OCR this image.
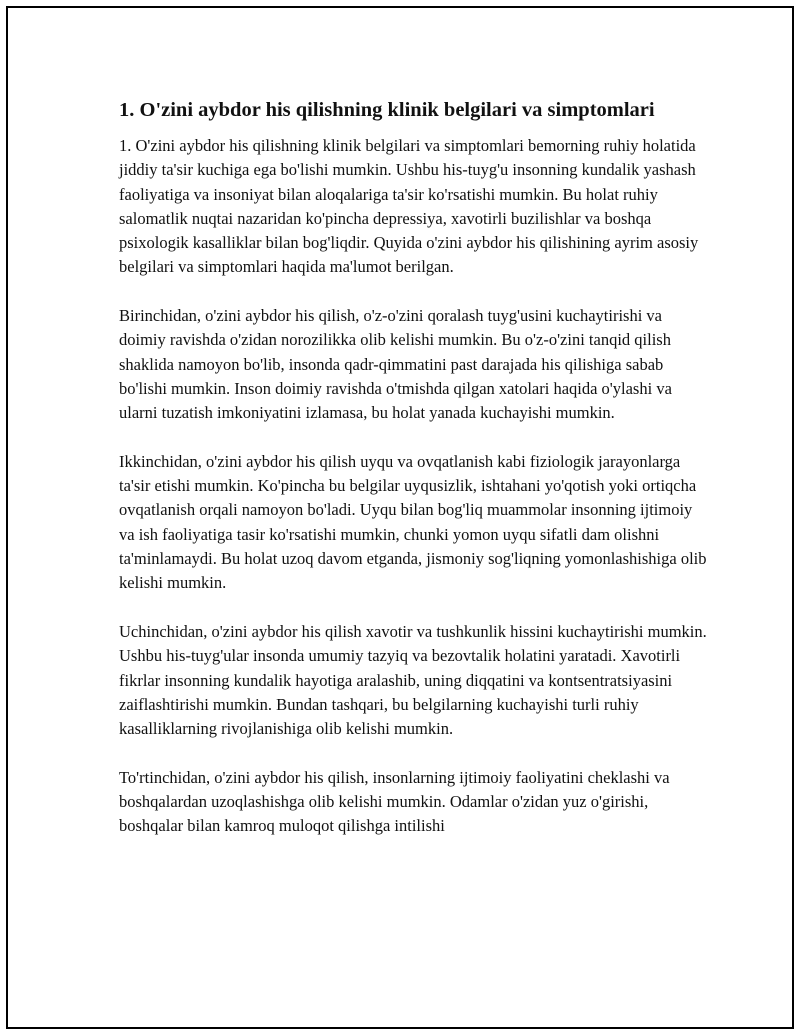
1. O'zini aybdor his qilishning klinik belgilari va simptomlari

1. O'zini aybdor his qilishning klinik belgilari va simptomlari bemorning ruhiy holatida jiddiy ta'sir kuchiga ega bo'lishi mumkin. Ushbu his-tuyg'u insonning kundalik yashash faoliyatiga va insoniyat bilan aloqalariga ta'sir ko'rsatishi mumkin. Bu holat ruhiy salomatlik nuqtai nazaridan ko'pincha depressiya, xavotirli buzilishlar va boshqa psixologik kasalliklar bilan bog'liqdir. Quyida o'zini aybdor his qilishining ayrim asosiy belgilari va simptomlari haqida ma'lumot berilgan.

Birinchidan, o'zini aybdor his qilish, o'z-o'zini qoralash tuyg'usini kuchaytirishi va doimiy ravishda o'zidan norozilikka olib kelishi mumkin. Bu o'z-o'zini tanqid qilish shaklida namoyon bo'lib, insonda qadr-qimmatini past darajada his qilishiga sabab bo'lishi mumkin. Inson doimiy ravishda o'tmishda qilgan xatolari haqida o'ylashi va ularni tuzatish imkoniyatini izlamasa, bu holat yanada kuchayishi mumkin.

Ikkinchidan, o'zini aybdor his qilish uyqu va ovqatlanish kabi fiziologik jarayonlarga ta'sir etishi mumkin. Ko'pincha bu belgilar uyqusizlik, ishtahani yo'qotish yoki ortiqcha ovqatlanish orqali namoyon bo'ladi. Uyqu bilan bog'liq muammolar insonning ijtimoiy va ish faoliyatiga tasir ko'rsatishi mumkin, chunki yomon uyqu sifatli dam olishni ta'minlamaydi. Bu holat uzoq davom etganda, jismoniy sog'liqning yomonlashishiga olib kelishi mumkin.

Uchinchidan, o'zini aybdor his qilish xavotir va tushkunlik hissini kuchaytirishi mumkin. Ushbu his-tuyg'ular insonda umumiy tazyiq va bezovtalik holatini yaratadi. Xavotirli fikrlar insonning kundalik hayotiga aralashib, uning diqqatini va kontsentratsiyasini zaiflashtirishi mumkin. Bundan tashqari, bu belgilarning kuchayishi turli ruhiy kasalliklarning rivojlanishiga olib kelishi mumkin.

To'rtinchidan, o'zini aybdor his qilish, insonlarning ijtimoiy faoliyatini cheklashi va boshqalardan uzoqlashishga olib kelishi mumkin. Odamlar o'zidan yuz o'girishi, boshqalar bilan kamroq muloqot qilishga intilishi
